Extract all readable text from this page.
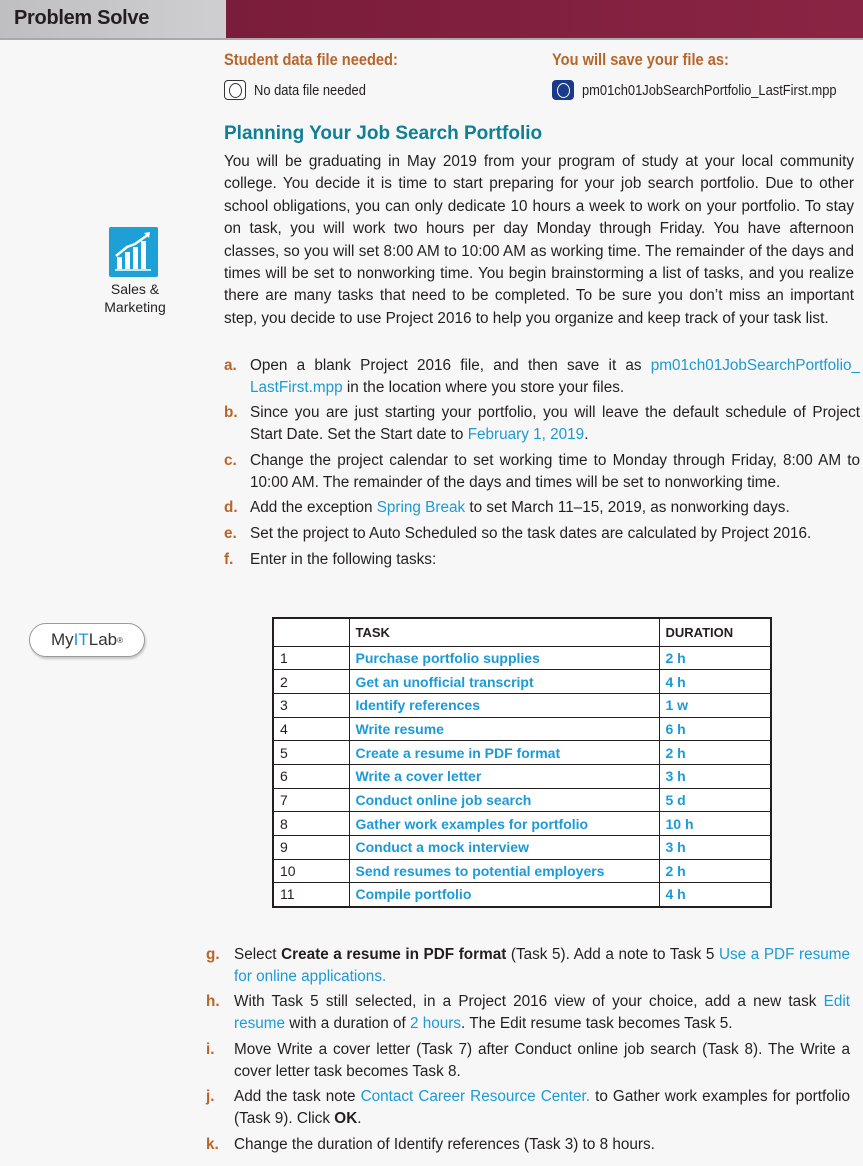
Problem Solve
Student data file needed:
No data file needed
You will save your file as:
pm01ch01JobSearchPortfolio_LastFirst.mpp
Planning Your Job Search Portfolio
You will be graduating in May 2019 from your program of study at your local community college. You decide it is time to start preparing for your job search portfolio. Due to other school obligations, you can only dedicate 10 hours a week to work on your portfolio. To stay on task, you will work two hours per day Monday through Friday. You have afternoon classes, so you will set 8:00 AM to 10:00 AM as working time. The remainder of the days and times will be set to nonworking time. You begin brainstorming a list of tasks, and you realize there are many tasks that need to be completed. To be sure you don’t miss an important step, you decide to use Project 2016 to help you organize and keep track of your task list.
Sales & Marketing
My IT Lab ®
a. Open a blank Project 2016 file, and then save it as pm01ch01JobSearchPortfolio_ LastFirst.mpp in the location where you store your files.
b. Since you are just starting your portfolio, you will leave the default schedule of Project Start Date. Set the Start date to February 1, 2019.
c. Change the project calendar to set working time to Monday through Friday, 8:00 AM to 10:00 AM. The remainder of the days and times will be set to nonworking time.
d. Add the exception Spring Break to set March 11–15, 2019, as nonworking days.
e. Set the project to Auto Scheduled so the task dates are calculated by Project 2016.
f.	Enter in the following tasks:
	TASK	DURATION
1	Purchase portfolio supplies	2 h
2	Get an unofficial transcript	4 h
3	Identify references	1 w
4	Write resume	6 h
5	Create a resume in PDF format	2 h
6	Write a cover letter	3 h
7	Conduct online job search	5 d
8	Gather work examples for portfolio	10 h
9	Conduct a mock interview	3 h
10	Send resumes to potential employers	2 h
11	Compile portfolio	4 h
g. Select Create a resume in PDF format (Task 5). Add a note to Task 5 Use a PDF resume for online applications.
h. With Task 5 still selected, in a Project 2016 view of your choice, add a new task Edit resume with a duration of 2 hours. The Edit resume task becomes Task 5.
i.	Move Write a cover letter (Task 7) after Conduct online job search (Task 8). The Write a cover letter task becomes Task 8.
j.	Add the task note Contact Career Resource Center. to Gather work examples for portfolio (Task 9). Click OK.
k. Change the duration of Identify references (Task 3) to 8 hours.
